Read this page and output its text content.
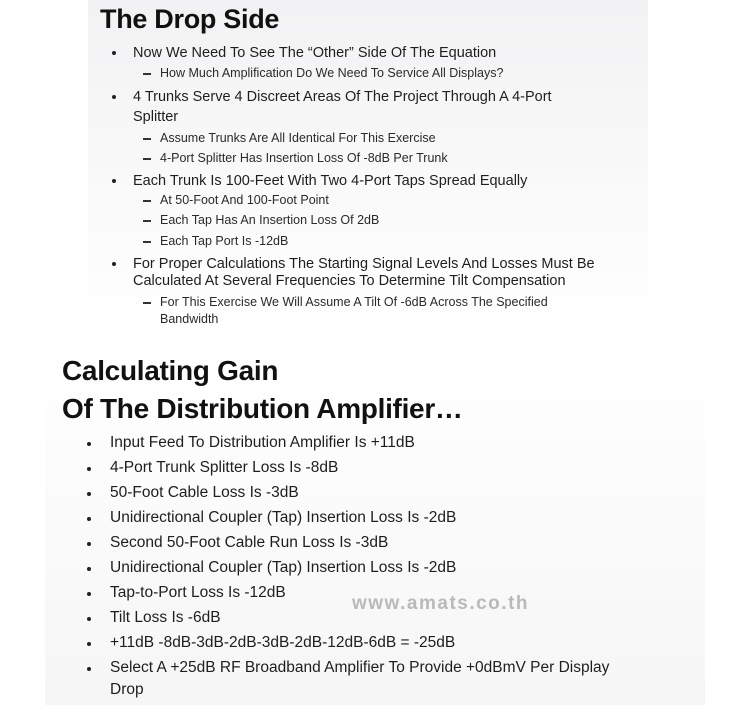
The Drop Side
Now We Need To See The “Other” Side Of The Equation
How Much Amplification Do We Need To Service All Displays?
4 Trunks Serve 4 Discreet Areas Of The Project Through A 4-Port
Splitter
Assume Trunks Are All Identical For This Exercise
4-Port Splitter Has Insertion Loss Of -8dB Per Trunk
Each Trunk Is 100-Feet With Two 4-Port Taps Spread Equally
At 50-Foot And 100-Foot Point
Each Tap Has An Insertion Loss Of 2dB
Each Tap Port Is -12dB
For Proper Calculations The Starting Signal Levels And Losses Must Be
Calculated At Several Frequencies To Determine Tilt Compensation
For This Exercise We Will Assume A Tilt Of -6dB Across The Specified
Bandwidth
Calculating Gain
Of The Distribution Amplifier…
Input Feed To Distribution Amplifier Is +11dB
4-Port Trunk Splitter Loss Is -8dB
50-Foot Cable Loss Is -3dB
Unidirectional Coupler (Tap) Insertion Loss Is -2dB
Second 50-Foot Cable Run Loss Is -3dB
Unidirectional Coupler (Tap) Insertion Loss Is -2dB
Tap-to-Port Loss Is -12dB
Tilt Loss Is -6dB
+11dB -8dB-3dB-2dB-3dB-2dB-12dB-6dB = -25dB
Select A +25dB RF Broadband Amplifier To Provide +0dBmV Per Display
Drop
www.amats.co.th
